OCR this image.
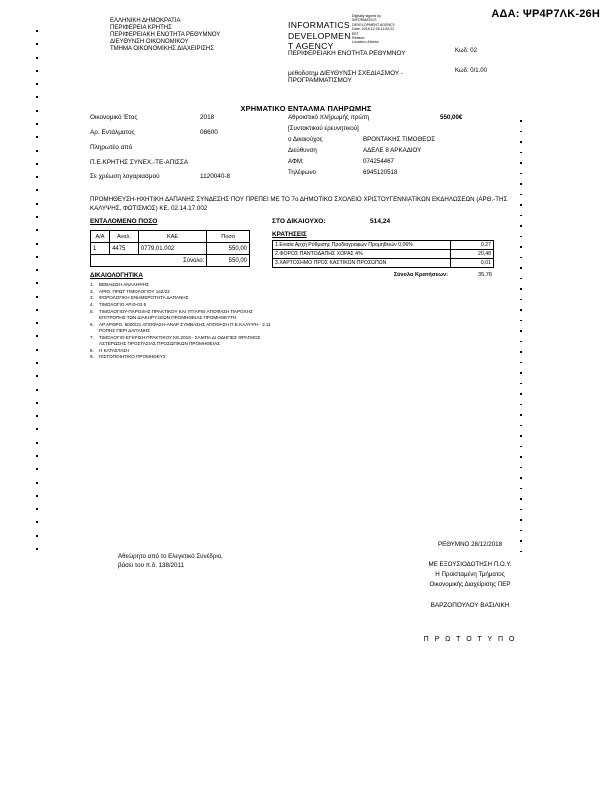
ΑΔΑ: ΨΡ4Ρ7ΛΚ-26Η
ΕΛΛΗΝΙΚΗ ΔΗΜΟΚΡΑΤΙΑ
ΠΕΡΙΦΕΡΕΙΑ ΚΡΗΤΗΣ
ΠΕΡΙΦΕΡΕΙΑΚΗ ΕΝΟΤΗΤΑ ΡΕΘΥΜΝΟΥ
ΔΙΕΥΘΥΝΣΗ ΟΙΚΟΝΟΜΙΚΟΥ
ΤΜΗΜΑ ΟΙΚΟΝΟΜΙΚΗΣ ΔΙΑΧΕΙΡΙΣΗΣ
INFORMATICS
DEVELOPMEN
T AGENCY
Digitally signed by
INFORMATICS
DEVELOPMENT AGENCY
Date: 2018.12.28 11:52:22
EET
Reason:
Location: Athens
ΠΕΡΙΦΕΡΕΙΑΚΗ ΕΝΟΤΗΤΑ ΡΕΘΥΜΝΟΥ	Κωδ: 02
μεθοδοτημ ΔΙΕΥΘΥΝΣΗ ΣΧΕΔΙΑΣΜΟΥ - ΠΡΟΓΡΑΜΜΑΤΙΣΜΟΥ
Κωδ: 0/1.00
ΧΡΗΜΑΤΙΚΟ ΕΝΤΑΛΜΑ ΠΛΗΡΩΜΗΣ
Οικονομικό Έτος	2018
Αρ. Εντάλματος	08600
Πληρωτέο από
Π.Ε.ΚΡΗΤΗΣ ΣΥΝΕΧ.-ΤΕ-ΑΠΙΣΣΑ
Σε χρέωση λογαριασμού	1120040-8
Αθροιστικό πλήρωμής πρώτη	550,00€
[Συντακτικού ερευνητικού]
ο Δικαιούχος	ΒΡΟΝΤΑΚΗΣ ΤΙΜΟΘΕΟΣ
Διεύθυνση	ΑΔΕΛΕ 8 ΑΡΚΑΔΙΟΥ
ΑΦΜ:	074254467
Τηλέφωνο	6945120518
ΠΡΟΜΗΘΕΥΣΗ-ΗΧΗΤΙΚΗ ΔΑΠΑΝΗΣ ΣΥΝΔΕΣΗΣ ΠΟΥ ΠΡΕΠΕΙ ΜΕ ΤΟ 7ο ΔΗΜΟΤΙΚΟ ΣΧΟΛΕΙΟ ΧΡΙΣΤΟΥΓΕΝΝΙΑΤΙΚΩΝ ΕΚΔΗΛΩΣΕΩΝ (ΑΡΘ.-ΤΗΣ ΚΑΛΥΨΗΣ, ΦΩΤΙΣΜΟΣ) ΚΕ. 02.14.17.002
ΕΝΤΑΛΟΜΕΝΟ ΠΟΣΟ	ΣΤΟ ΔΙΚΑΙΟΥΧΟ:	514,24
Α/Α	Αναλ.	ΚΑΕ	Ποσό
1	4475	0779,01.002	550,00
Σύνολο:			550,00
ΚΡΑΤΗΣΕΙΣ
1.Ενιαία Αρχή Ρύθμισης Προδιαγραφών Προμηθειών 0,06%	0,27
2.ΦΟΡΟΣ ΠΑΝΤΟΔΑΠΗΣ ΧΩΡΑΣ 4%	20,48
3.ΧΑΡΤΟΣΗΜΟ ΠΡΟΣ ΚΑΣΤΙΚΩΝ ΠΡΟΣΩΠΩΝ	0,01
Σύνολο Κρατήσεων:	35,76
ΔΙΚΑΙΟΛΟΓΗΤΙΚΑ
1. ΒΕΒΑΙΩΣΗ ΑΝΑΛΗΨΗΣ
2. ΑΡΙΘ. ΠΡΩΤ ΤΙΜΟΛΟΓΙΟΥ 142/22
3. ΦΟΡΟΛΟΓΙΚΗ ΕΝΗΜΕΡΟΤΗΤΑ ΔΑΠΑΝΗΣ
4. ΤΙΜΟΛΟΓΙΟ ΑΡ.Θ-03 5
5. ΤΙΜΟΛΟΓΙΟΥ-ΠΑΡΟΧΗΣ ΠΡΑΚΤΙΚΟΥ ΚΑΙ ΥΠ'ΑΡΙΘ ΑΠΟΦΑΣΗ ΠΑΡΟΧΗΣ ΕΠΙΤΡΟΠΗΣ ΤΩΝ ΔΙΑΚΗΡΥΞΕΩΝ ΠΡΟΜΗΘΕΙΑΣ ΠΡΟΜΗΘΕΥΤΗ
6. ΑΡ.ΑΡΘΡΟ. 6000/21 ΑΠΟΦΑΣΗ-ΑΝΑΡ ΣΥΜΒΑΣΗΣ ΑΠΟΦΑΣΗ Π.Ε.ΚΑΛΥΨΗ - 2.11 ΡΟΠΗΣ ΠΕΡΙ ΔΑΠΑΝΗΣ
7. ΤΙΜΟΛΟΓΙΟ-ΕΓΚΡΙΣΗ ΠΡΑΚΤΙΚΟΥ ΚΕ.2018 - ΣΑΜΠΑ ΔΙ ΟΔΗΓΙΕΣ ΦΡΑΓΜΟΣ ΑΣΤΕΡΩΣΗΣ ΠΡΟΣΤΑΣΙΑΣ ΠΡΟΣΩΠΙΚΩΝ ΠΡΟΜΗΘΕΙΑΣ
8. Η ΚΑΤΑΣΤΑΣΗ
9. ΠΙΣΤΟΠΟΙΗΤΙΚΟ ΠΡΟΜΗΘΕΥΣ
Αθεώρητο από το Ελεγκτικό Συνέδριο,
βάσει του π.δ. 138/2011
ΡΕΘΥΜΝΟ 28/12/2018
ΜΕ ΕΞΟΥΣΙΟΔΟΤΗΣΗ Π.Ο.Υ.
Η Προϊσταμένη Τμήματος
Οικονομικής Διαχείρισης ΠΕΡ
ΒΑΡΖΟΠΟΥΛΟΥ ΒΑΣΙΛΙΚΗ
Π Ρ Ω Τ Ο Τ Υ Π Ο
